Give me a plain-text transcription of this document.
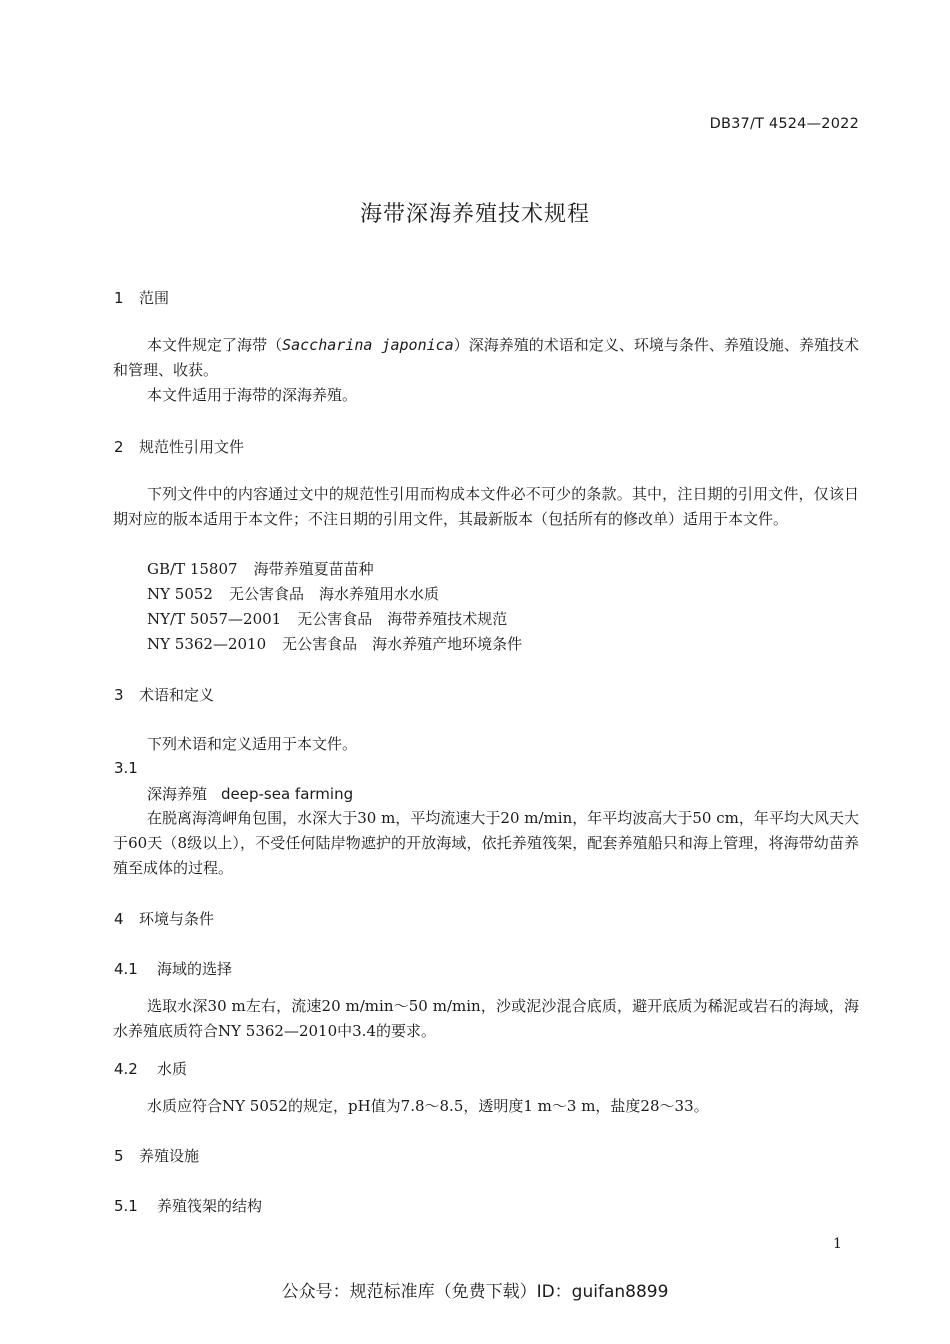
DB37/T 4524—2022
海带深海养殖技术规程
1 范围

本文件规定了海带（Saccharina japonica）深海养殖的术语和定义、环境与条件、养殖设施、养殖技术和管理、收获。

本文件适用于海带的深海养殖。

2 规范性引用文件

下列文件中的内容通过文中的规范性引用而构成本文件必不可少的条款。其中，注日期的引用文件，仅该日期对应的版本适用于本文件；不注日期的引用文件，其最新版本（包括所有的修改单）适用于本文件。

GB/T 15807 海带养殖夏苗苗种
NY 5052 无公害食品　海水养殖用水水质
NY/T 5057—2001 无公害食品　海带养殖技术规范
NY 5362—2010 无公害食品　海水养殖产地环境条件
3 术语和定义

下列术语和定义适用于本文件。

3.1
深海养殖 deep-sea farming

在脱离海湾岬角包围，水深大于30 m，平均流速大于20 m/min，年平均波高大于50 cm，年平均大风天大于60天（8级以上），不受任何陆岸物遮护的开放海域，依托养殖筏架，配套养殖船只和海上管理，将海带幼苗养殖至成体的过程。

4 环境与条件
4.1 海域的选择

选取水深30 m左右，流速20 m/min～50 m/min，沙或泥沙混合底质，避开底质为稀泥或岩石的海域，海水养殖底质符合NY 5362—2010中3.4的要求。

4.2 水质

水质应符合NY 5052的规定，pH值为7.8～8.5，透明度1 m～3 m，盐度28～33。

5 养殖设施
5.1 养殖筏架的结构
1
公众号：规范标准库（免费下载）ID：guifan8899
